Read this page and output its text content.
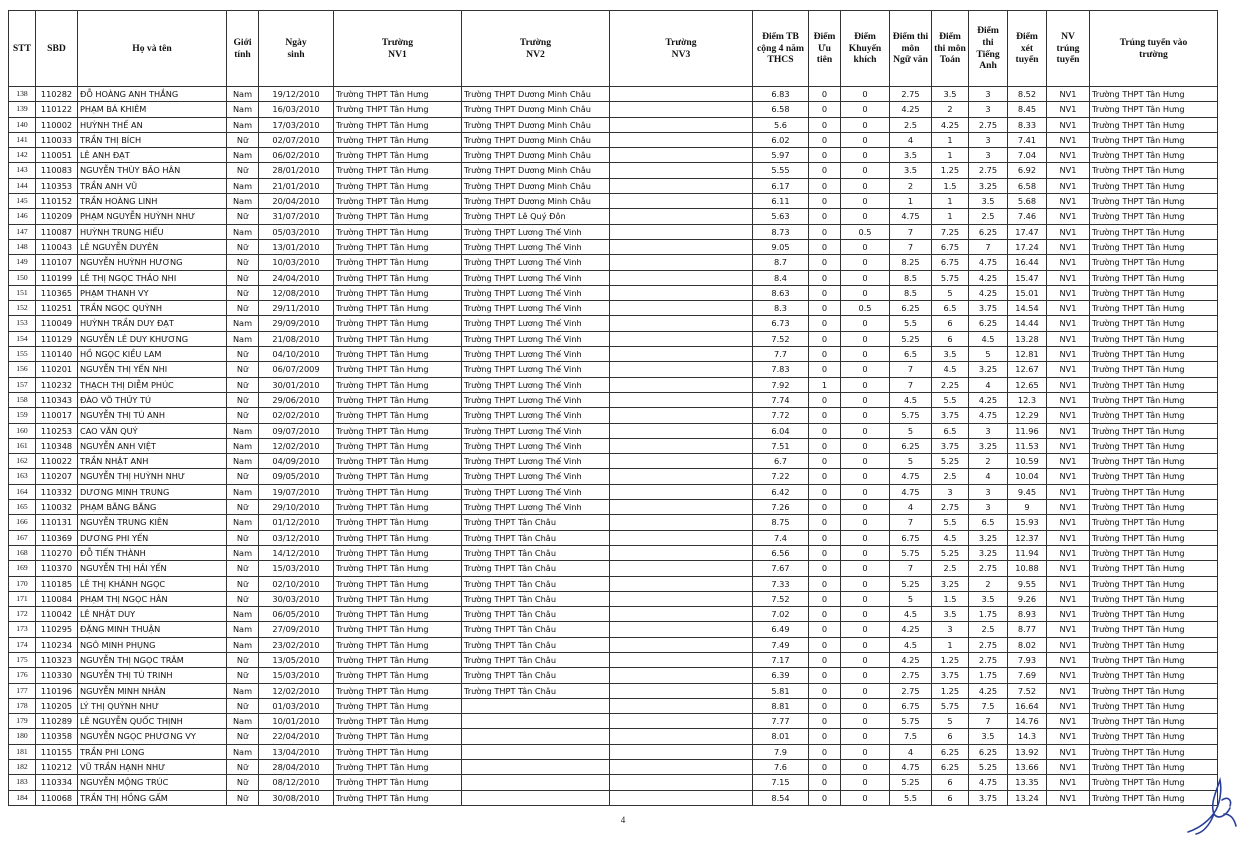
STT	SBD	Họ và tên	Giới tính	Ngày sinh	Trường NV1	Trường NV2	Trường NV3	Điểm TB cộng 4 năm THCS	Điểm Ưu tiên	Điểm Khuyến khích	Điểm thi môn Ngữ văn	Điểm thi môn Toán	Điểm thi Tiếng Anh	Điểm xét tuyển	NV trúng tuyển	Trúng tuyển vào trường
138	110282	ĐỖ HOÀNG ANH THẮNG	Nam	19/12/2010	Trường THPT Tân Hưng	Trường THPT Dương Minh Châu		6.83	0	0	2.75	3.5	3	8.52	NV1	Trường THPT Tân Hưng
139	110122	PHẠM BÁ KHIÊM	Nam	16/03/2010	Trường THPT Tân Hưng	Trường THPT Dương Minh Châu		6.58	0	0	4.25	2	3	8.45	NV1	Trường THPT Tân Hưng
140	110002	HUỲNH THẾ AN	Nam	17/03/2010	Trường THPT Tân Hưng	Trường THPT Dương Minh Châu		5.6	0	0	2.5	4.25	2.75	8.33	NV1	Trường THPT Tân Hưng
141	110033	TRẦN THỊ BÍCH	Nữ	02/07/2010	Trường THPT Tân Hưng	Trường THPT Dương Minh Châu		6.02	0	0	4	1	3	7.41	NV1	Trường THPT Tân Hưng
142	110051	LÊ ANH ĐẠT	Nam	06/02/2010	Trường THPT Tân Hưng	Trường THPT Dương Minh Châu		5.97	0	0	3.5	1	3	7.04	NV1	Trường THPT Tân Hưng
143	110083	NGUYỄN THÙY BẢO HÂN	Nữ	28/01/2010	Trường THPT Tân Hưng	Trường THPT Dương Minh Châu		5.55	0	0	3.5	1.25	2.75	6.92	NV1	Trường THPT Tân Hưng
144	110353	TRẦN ANH VŨ	Nam	21/01/2010	Trường THPT Tân Hưng	Trường THPT Dương Minh Châu		6.17	0	0	2	1.5	3.25	6.58	NV1	Trường THPT Tân Hưng
145	110152	TRẦN HOÀNG LINH	Nam	20/04/2010	Trường THPT Tân Hưng	Trường THPT Dương Minh Châu		6.11	0	0	1	1	3.5	5.68	NV1	Trường THPT Tân Hưng
146	110209	PHẠM NGUYỄN HUỲNH NHƯ	Nữ	31/07/2010	Trường THPT Tân Hưng	Trường THPT Lê Quý Đôn		5.63	0	0	4.75	1	2.5	7.46	NV1	Trường THPT Tân Hưng
147	110087	HUỲNH TRUNG HIẾU	Nam	05/03/2010	Trường THPT Tân Hưng	Trường THPT Lương Thế Vinh		8.73	0	0.5	7	7.25	6.25	17.47	NV1	Trường THPT Tân Hưng
148	110043	LÊ NGUYỄN DUYÊN	Nữ	13/01/2010	Trường THPT Tân Hưng	Trường THPT Lương Thế Vinh		9.05	0	0	7	6.75	7	17.24	NV1	Trường THPT Tân Hưng
149	110107	NGUYỄN HUỲNH HƯƠNG	Nữ	10/03/2010	Trường THPT Tân Hưng	Trường THPT Lương Thế Vinh		8.7	0	0	8.25	6.75	4.75	16.44	NV1	Trường THPT Tân Hưng
150	110199	LÊ THỊ NGỌC THẢO NHI	Nữ	24/04/2010	Trường THPT Tân Hưng	Trường THPT Lương Thế Vinh		8.4	0	0	8.5	5.75	4.25	15.47	NV1	Trường THPT Tân Hưng
151	110365	PHẠM THANH VY	Nữ	12/08/2010	Trường THPT Tân Hưng	Trường THPT Lương Thế Vinh		8.63	0	0	8.5	5	4.25	15.01	NV1	Trường THPT Tân Hưng
152	110251	TRẦN NGỌC QUỲNH	Nữ	29/11/2010	Trường THPT Tân Hưng	Trường THPT Lương Thế Vinh		8.3	0	0.5	6.25	6.5	3.75	14.54	NV1	Trường THPT Tân Hưng
153	110049	HUỲNH TRẦN DUY ĐẠT	Nam	29/09/2010	Trường THPT Tân Hưng	Trường THPT Lương Thế Vinh		6.73	0	0	5.5	6	6.25	14.44	NV1	Trường THPT Tân Hưng
154	110129	NGUYỄN LÊ DUY KHƯƠNG	Nam	21/08/2010	Trường THPT Tân Hưng	Trường THPT Lương Thế Vinh		7.52	0	0	5.25	6	4.5	13.28	NV1	Trường THPT Tân Hưng
155	110140	HỒ NGỌC KIỀU LAM	Nữ	04/10/2010	Trường THPT Tân Hưng	Trường THPT Lương Thế Vinh		7.7	0	0	6.5	3.5	5	12.81	NV1	Trường THPT Tân Hưng
156	110201	NGUYỄN THỊ YẾN NHI	Nữ	06/07/2009	Trường THPT Tân Hưng	Trường THPT Lương Thế Vinh		7.83	0	0	7	4.5	3.25	12.67	NV1	Trường THPT Tân Hưng
157	110232	THẠCH THỊ DIỄM PHÚC	Nữ	30/01/2010	Trường THPT Tân Hưng	Trường THPT Lương Thế Vinh		7.92	1	0	7	2.25	4	12.65	NV1	Trường THPT Tân Hưng
158	110343	ĐÀO VÕ THỦY TÚ	Nữ	29/06/2010	Trường THPT Tân Hưng	Trường THPT Lương Thế Vinh		7.74	0	0	4.5	5.5	4.25	12.3	NV1	Trường THPT Tân Hưng
159	110017	NGUYỄN THỊ TÚ ANH	Nữ	02/02/2010	Trường THPT Tân Hưng	Trường THPT Lương Thế Vinh		7.72	0	0	5.75	3.75	4.75	12.29	NV1	Trường THPT Tân Hưng
160	110253	CAO VĂN QUÝ	Nam	09/07/2010	Trường THPT Tân Hưng	Trường THPT Lương Thế Vinh		6.04	0	0	5	6.5	3	11.96	NV1	Trường THPT Tân Hưng
161	110348	NGUYỄN ANH VIỆT	Nam	12/02/2010	Trường THPT Tân Hưng	Trường THPT Lương Thế Vinh		7.51	0	0	6.25	3.75	3.25	11.53	NV1	Trường THPT Tân Hưng
162	110022	TRẦN NHẬT ANH	Nam	04/09/2010	Trường THPT Tân Hưng	Trường THPT Lương Thế Vinh		6.7	0	0	5	5.25	2	10.59	NV1	Trường THPT Tân Hưng
163	110207	NGUYỄN THỊ HUỲNH NHƯ	Nữ	09/05/2010	Trường THPT Tân Hưng	Trường THPT Lương Thế Vinh		7.22	0	0	4.75	2.5	4	10.04	NV1	Trường THPT Tân Hưng
164	110332	DƯƠNG MINH TRUNG	Nam	19/07/2010	Trường THPT Tân Hưng	Trường THPT Lương Thế Vinh		6.42	0	0	4.75	3	3	9.45	NV1	Trường THPT Tân Hưng
165	110032	PHẠM BĂNG BĂNG	Nữ	29/10/2010	Trường THPT Tân Hưng	Trường THPT Lương Thế Vinh		7.26	0	0	4	2.75	3	9	NV1	Trường THPT Tân Hưng
166	110131	NGUYỄN TRUNG KIÊN	Nam	01/12/2010	Trường THPT Tân Hưng	Trường THPT Tân Châu		8.75	0	0	7	5.5	6.5	15.93	NV1	Trường THPT Tân Hưng
167	110369	DƯƠNG PHI YẾN	Nữ	03/12/2010	Trường THPT Tân Hưng	Trường THPT Tân Châu		7.4	0	0	6.75	4.5	3.25	12.37	NV1	Trường THPT Tân Hưng
168	110270	ĐỖ TIẾN THÀNH	Nam	14/12/2010	Trường THPT Tân Hưng	Trường THPT Tân Châu		6.56	0	0	5.75	5.25	3.25	11.94	NV1	Trường THPT Tân Hưng
169	110370	NGUYỄN THỊ HẢI YẾN	Nữ	15/03/2010	Trường THPT Tân Hưng	Trường THPT Tân Châu		7.67	0	0	7	2.5	2.75	10.88	NV1	Trường THPT Tân Hưng
170	110185	LÊ THỊ KHÁNH NGỌC	Nữ	02/10/2010	Trường THPT Tân Hưng	Trường THPT Tân Châu		7.33	0	0	5.25	3.25	2	9.55	NV1	Trường THPT Tân Hưng
171	110084	PHẠM THỊ NGỌC HÂN	Nữ	30/03/2010	Trường THPT Tân Hưng	Trường THPT Tân Châu		7.52	0	0	5	1.5	3.5	9.26	NV1	Trường THPT Tân Hưng
172	110042	LÊ NHẬT DUY	Nam	06/05/2010	Trường THPT Tân Hưng	Trường THPT Tân Châu		7.02	0	0	4.5	3.5	1.75	8.93	NV1	Trường THPT Tân Hưng
173	110295	ĐẶNG MINH THUẬN	Nam	27/09/2010	Trường THPT Tân Hưng	Trường THPT Tân Châu		6.49	0	0	4.25	3	2.5	8.77	NV1	Trường THPT Tân Hưng
174	110234	NGÔ MINH PHỤNG	Nam	23/02/2010	Trường THPT Tân Hưng	Trường THPT Tân Châu		7.49	0	0	4.5	1	2.75	8.02	NV1	Trường THPT Tân Hưng
175	110323	NGUYỄN THỊ NGỌC TRÂM	Nữ	13/05/2010	Trường THPT Tân Hưng	Trường THPT Tân Châu		7.17	0	0	4.25	1.25	2.75	7.93	NV1	Trường THPT Tân Hưng
176	110330	NGUYỄN THỊ TÚ TRINH	Nữ	15/03/2010	Trường THPT Tân Hưng	Trường THPT Tân Châu		6.39	0	0	2.75	3.75	1.75	7.69	NV1	Trường THPT Tân Hưng
177	110196	NGUYỄN MINH NHÂN	Nam	12/02/2010	Trường THPT Tân Hưng	Trường THPT Tân Châu		5.81	0	0	2.75	1.25	4.25	7.52	NV1	Trường THPT Tân Hưng
178	110205	LÝ THỊ QUỲNH NHƯ	Nữ	01/03/2010	Trường THPT Tân Hưng			8.81	0	0	6.75	5.75	7.5	16.64	NV1	Trường THPT Tân Hưng
179	110289	LÊ NGUYỄN QUỐC THỊNH	Nam	10/01/2010	Trường THPT Tân Hưng			7.77	0	0	5.75	5	7	14.76	NV1	Trường THPT Tân Hưng
180	110358	NGUYỄN NGỌC PHƯƠNG VY	Nữ	22/04/2010	Trường THPT Tân Hưng			8.01	0	0	7.5	6	3.5	14.3	NV1	Trường THPT Tân Hưng
181	110155	TRẦN PHI LONG	Nam	13/04/2010	Trường THPT Tân Hưng			7.9	0	0	4	6.25	6.25	13.92	NV1	Trường THPT Tân Hưng
182	110212	VŨ TRẦN HẠNH NHƯ	Nữ	28/04/2010	Trường THPT Tân Hưng			7.6	0	0	4.75	6.25	5.25	13.66	NV1	Trường THPT Tân Hưng
183	110334	NGUYỄN MỘNG TRÚC	Nữ	08/12/2010	Trường THPT Tân Hưng			7.15	0	0	5.25	6	4.75	13.35	NV1	Trường THPT Tân Hưng
184	110068	TRẦN THỊ HỒNG GẤM	Nữ	30/08/2010	Trường THPT Tân Hưng			8.54	0	0	5.5	6	3.75	13.24	NV1	Trường THPT Tân Hưng
4
